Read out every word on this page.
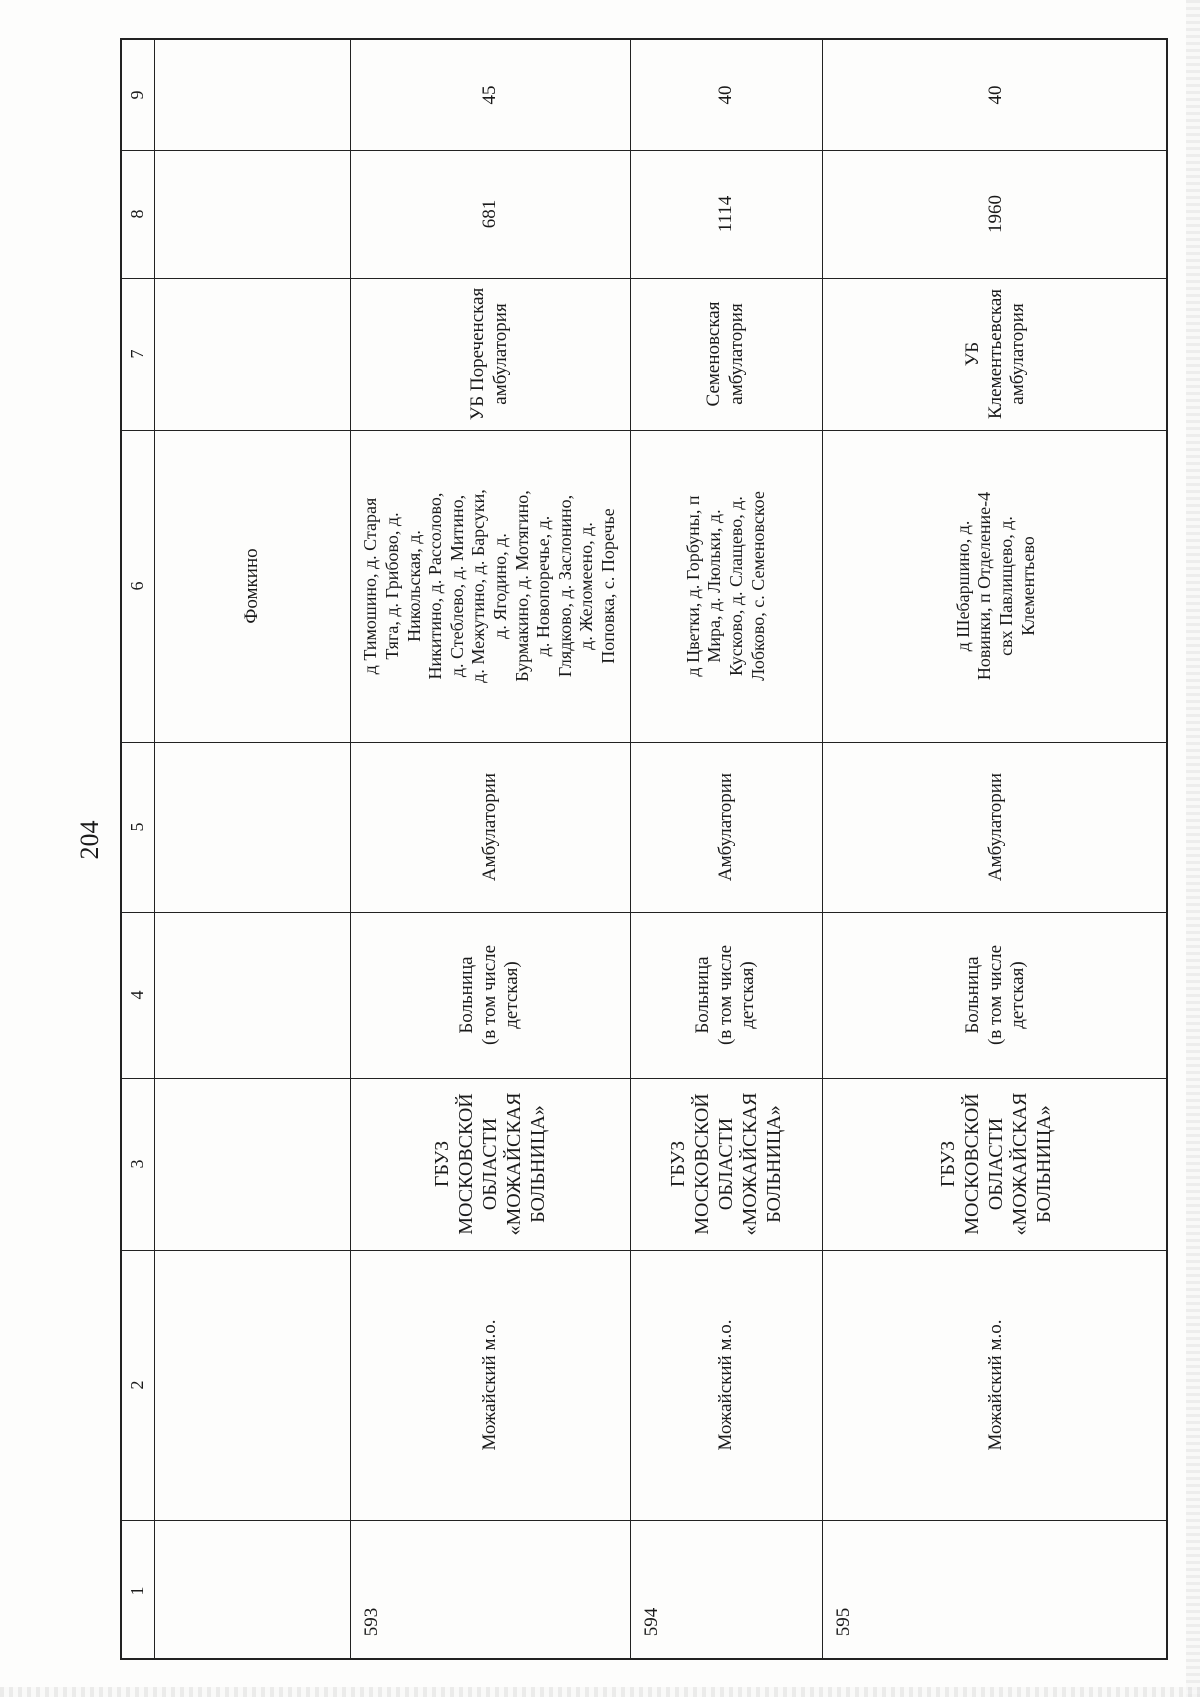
204
9
8
7
6
5
4
3
2
1
Фомкино
45
681
УБ Пореченская
амбулатория
д Тимошино, д. Старая
Тяга, д. Грибово, д.
Никольская, д.
Никитино, д. Рассолово,
д. Стеблево, д. Митино,
д. Межутино, д. Барсуки,
д. Ягодино, д.
Бурмакино, д. Мотягино,
д. Новопоречье, д.
Глядково, д. Заслонино,
д. Желомеено, д.
Поповка, с. Поречье
Амбулатории
Больница
(в том числе
детская)
ГБУЗ
МОСКОВСКОЙ
ОБЛАСТИ
«МОЖАЙСКАЯ
БОЛЬНИЦА»
Можайский м.о.
593
40
1114
Семеновская
амбулатория
д Цветки, д. Горбуны, п
Мира, д. Люльки, д.
Кусково, д. Слащево, д.
Лобково, с. Семеновское
Амбулатории
Больница
(в том числе
детская)
ГБУЗ
МОСКОВСКОЙ
ОБЛАСТИ
«МОЖАЙСКАЯ
БОЛЬНИЦА»
Можайский м.о.
594
40
1960
УБ
Клементьевская
амбулатория
д Шебаршино, д.
Новинки, п Отделение-4
свх Павлищево, д.
Клементьево
Амбулатории
Больница
(в том числе
детская)
ГБУЗ
МОСКОВСКОЙ
ОБЛАСТИ
«МОЖАЙСКАЯ
БОЛЬНИЦА»
Можайский м.о.
595
